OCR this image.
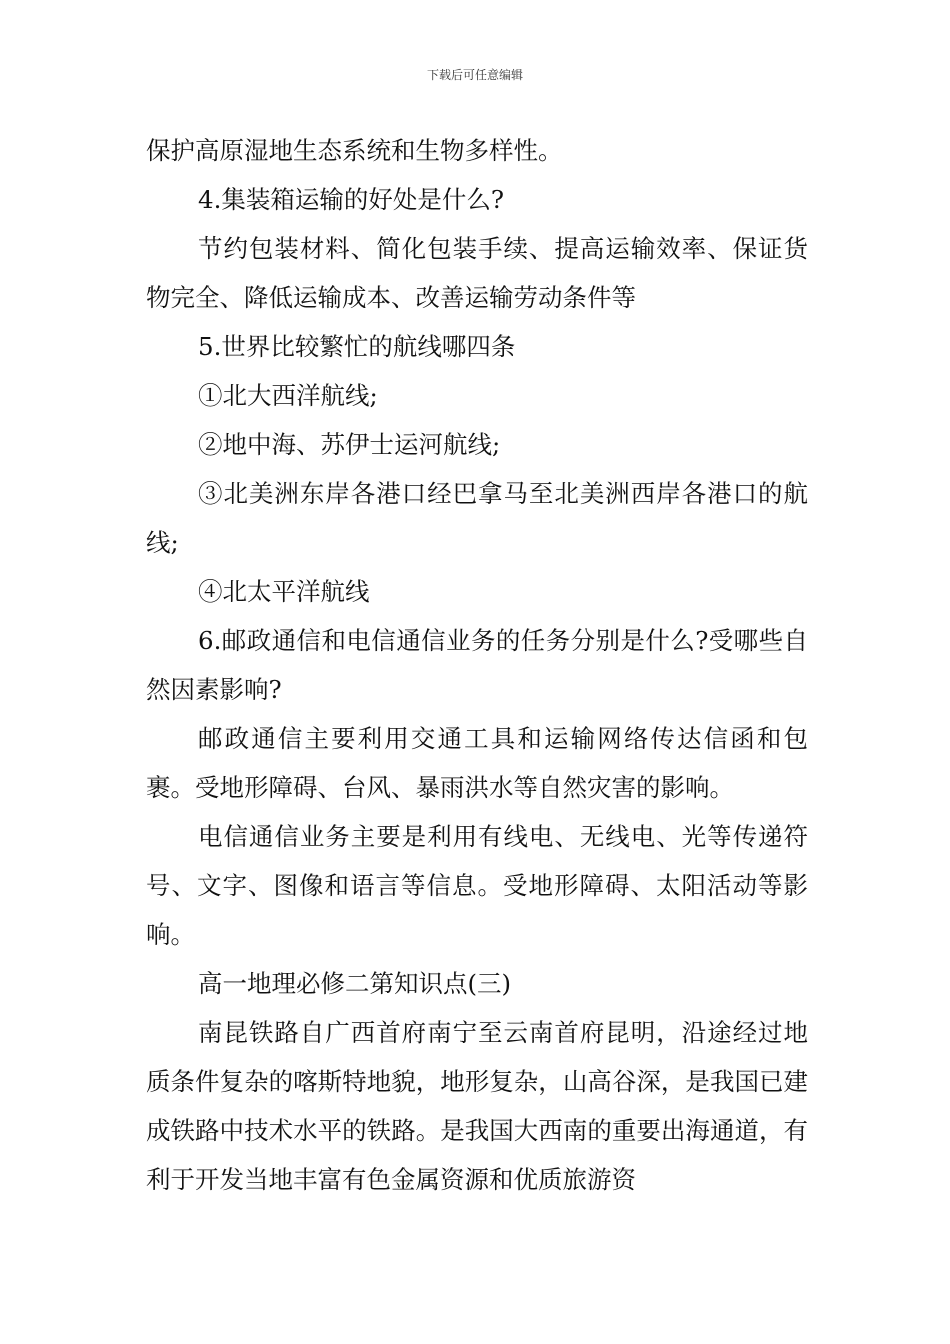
下载后可任意编辑

保护高原湿地生态系统和生物多样性。

4.集装箱运输的好处是什么?

节约包装材料、简化包装手续、提高运输效率、保证货物完全、降低运输成本、改善运输劳动条件等

5.世界比较繁忙的航线哪四条

①北大西洋航线;

②地中海、苏伊士运河航线;

③北美洲东岸各港口经巴拿马至北美洲西岸各港口的航线;

④北太平洋航线

6.邮政通信和电信通信业务的任务分别是什么?受哪些自然因素影响?

邮政通信主要利用交通工具和运输网络传达信函和包裹。受地形障碍、台风、暴雨洪水等自然灾害的影响。

电信通信业务主要是利用有线电、无线电、光等传递符号、文字、图像和语言等信息。受地形障碍、太阳活动等影响。

高一地理必修二第知识点(三)

南昆铁路自广西首府南宁至云南首府昆明，沿途经过地质条件复杂的喀斯特地貌，地形复杂，山高谷深，是我国已建成铁路中技术水平的铁路。是我国大西南的重要出海通道，有利于开发当地丰富有色金属资源和优质旅游资
